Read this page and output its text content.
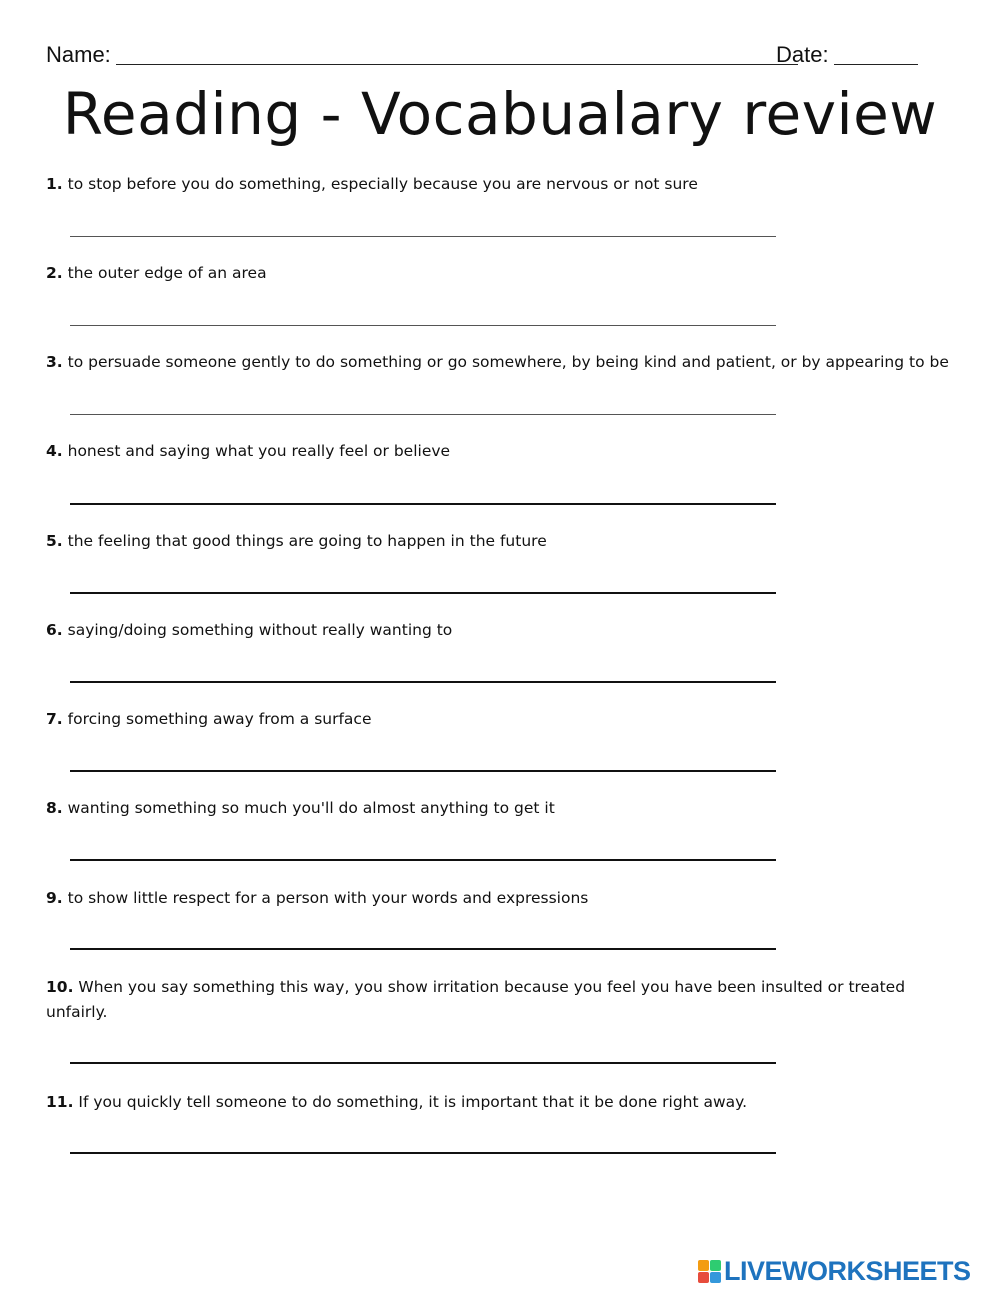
Name:	Date:
Reading - Vocabualary review
1. to stop before you do something, especially because you are nervous or not sure
2. the outer edge of an area
3. to persuade someone gently to do something or go somewhere, by being kind and patient, or by appearing to be
4. honest and saying what you really feel or believe
5. the feeling that good things are going to happen in the future
6. saying/doing something without really wanting to
7. forcing something away from a surface
8. wanting something so much you'll do almost anything to get it
9. to show little respect for a person with your words and expressions
10. When you say something this way, you show irritation because you feel you have been insulted or treated unfairly.
11. If you quickly tell someone to do something, it is important that it be done right away.
LIVEWORKSHEETS
